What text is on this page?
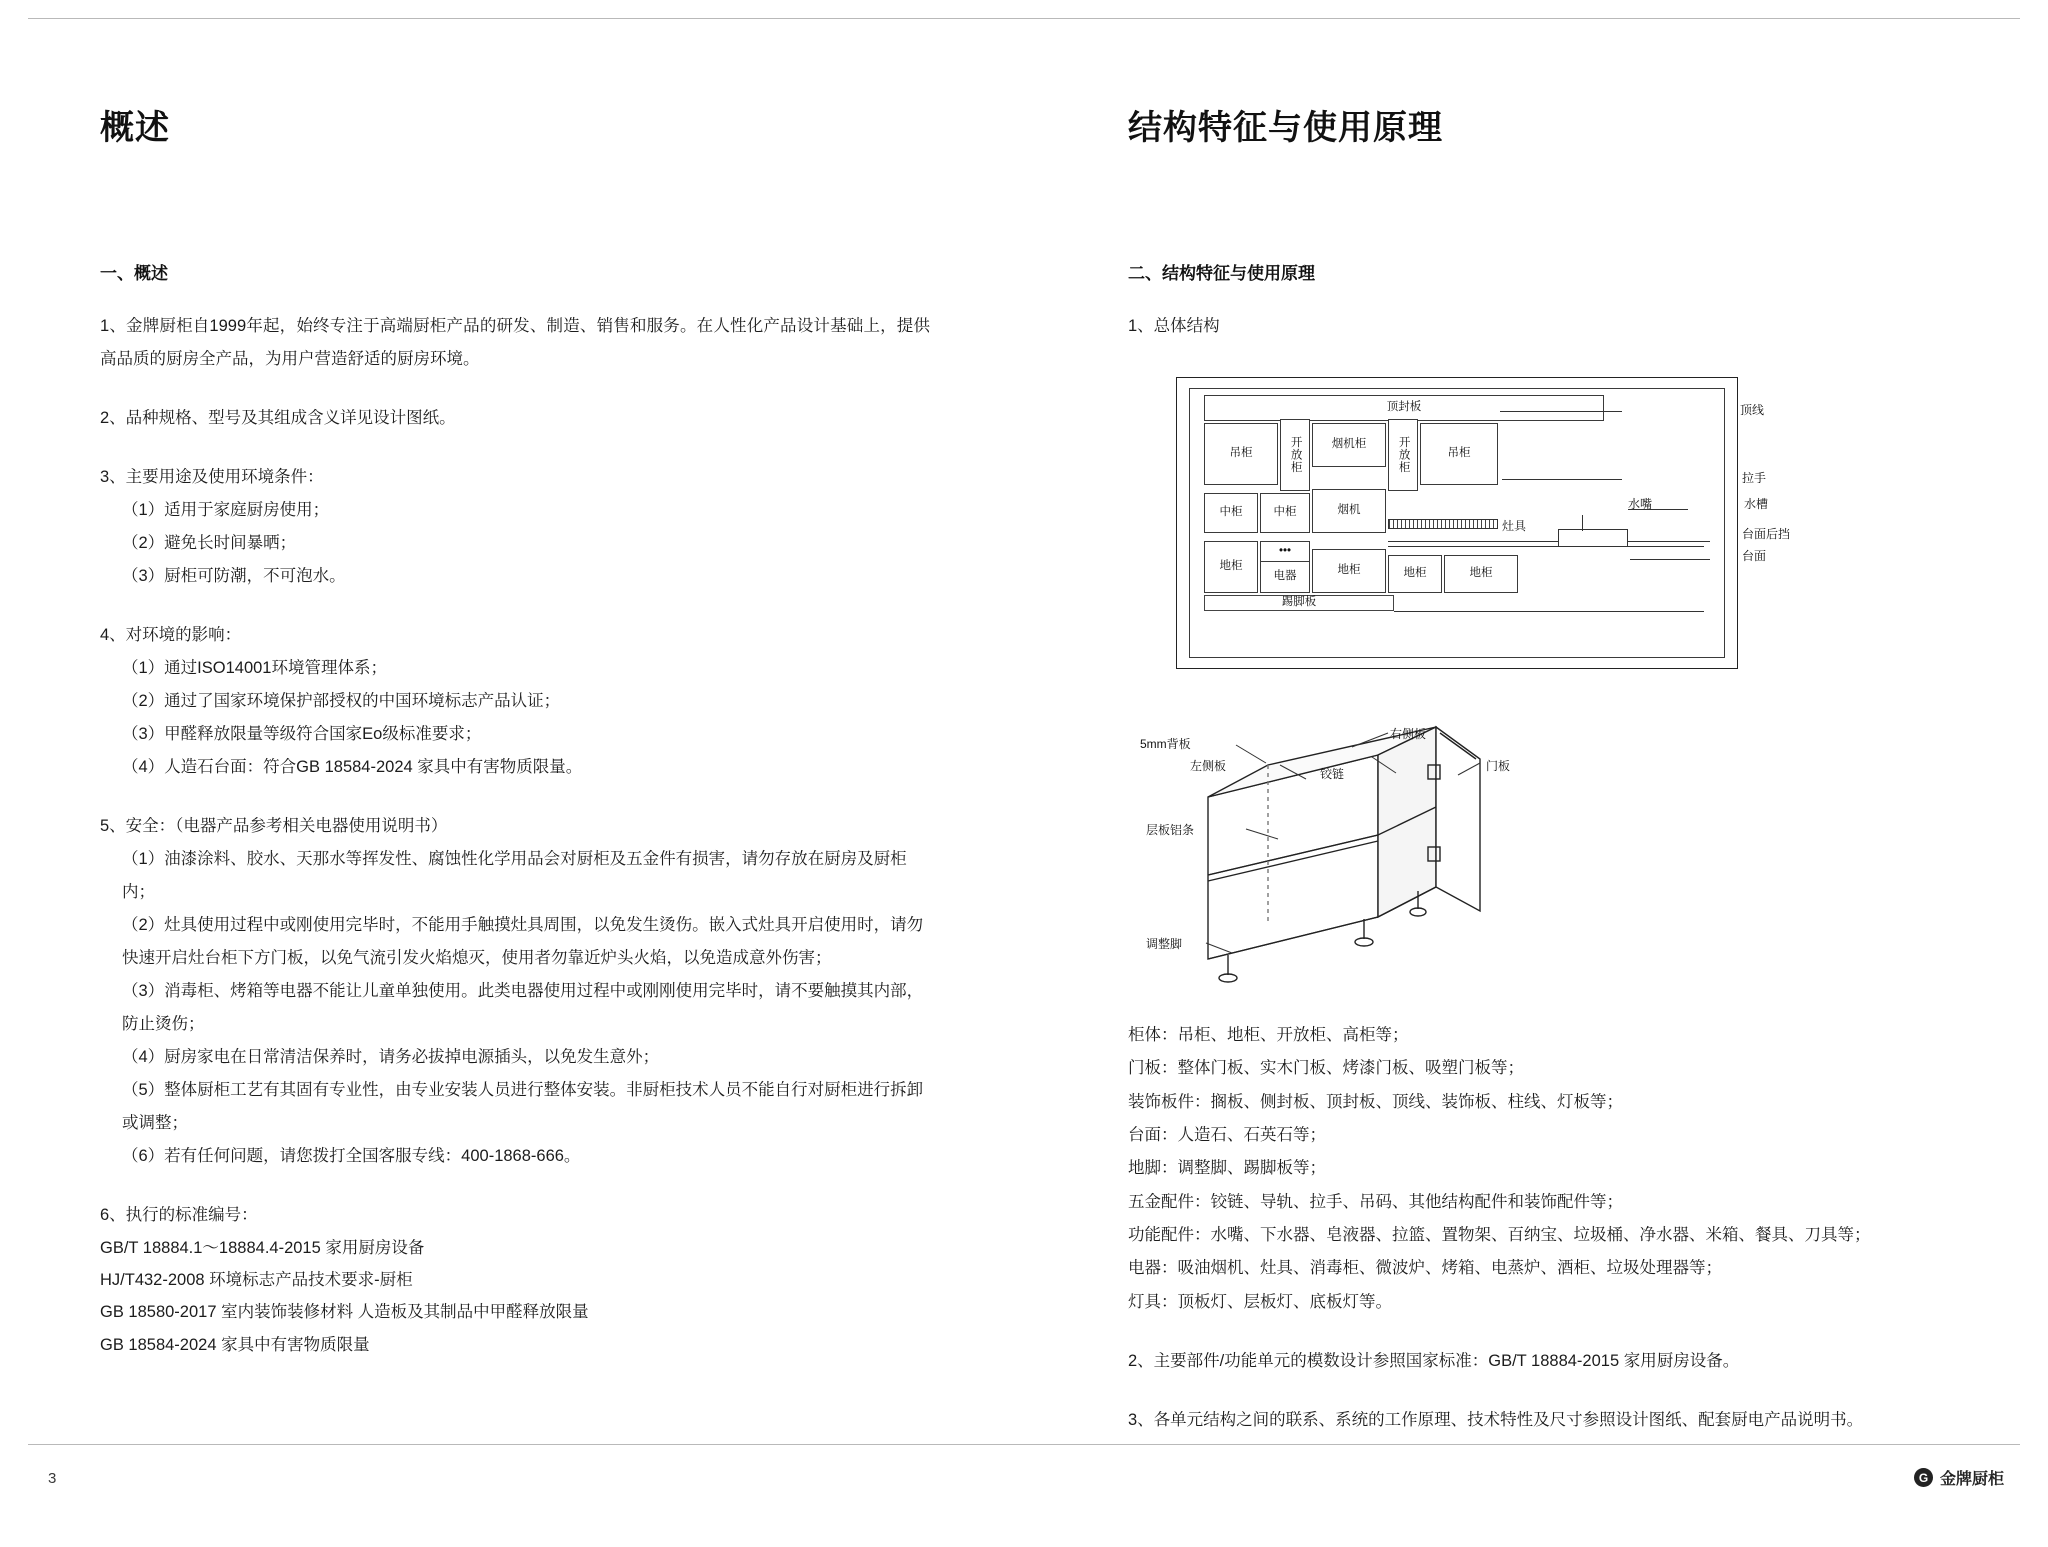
概述
一、概述

1、金牌厨柜自1999年起，始终专注于高端厨柜产品的研发、制造、销售和服务。在人性化产品设计基础上，提供高品质的厨房全产品，为用户营造舒适的厨房环境。

2、品种规格、型号及其组成含义详见设计图纸。

3、主要用途及使用环境条件：

（1）适用于家庭厨房使用；

（2）避免长时间暴晒；

（3）厨柜可防潮，不可泡水。

4、对环境的影响：

（1）通过ISO14001环境管理体系；

（2）通过了国家环境保护部授权的中国环境标志产品认证；

（3）甲醛释放限量等级符合国家Eo级标准要求；

（4）人造石台面：符合GB 18584-2024 家具中有害物质限量。

5、安全：（电器产品参考相关电器使用说明书）

（1）油漆涂料、胶水、天那水等挥发性、腐蚀性化学用品会对厨柜及五金件有损害，请勿存放在厨房及厨柜内；

（2）灶具使用过程中或刚使用完毕时，不能用手触摸灶具周围，以免发生烫伤。嵌入式灶具开启使用时，请勿快速开启灶台柜下方门板，以免气流引发火焰熄灭，使用者勿靠近炉头火焰，以免造成意外伤害；

（3）消毒柜、烤箱等电器不能让儿童单独使用。此类电器使用过程中或刚刚使用完毕时，请不要触摸其内部，防止烫伤；

（4）厨房家电在日常清洁保养时，请务必拔掉电源插头，以免发生意外；

（5）整体厨柜工艺有其固有专业性，由专业安装人员进行整体安装。非厨柜技术人员不能自行对厨柜进行拆卸或调整；

（6）若有任何问题，请您拨打全国客服专线：400-1868-666。

6、执行的标准编号：

GB/T 18884.1～18884.4-2015 家用厨房设备

HJ/T432-2008 环境标志产品技术要求-厨柜

GB 18580-2017 室内装饰装修材料 人造板及其制品中甲醛释放限量

GB 18584-2024 家具中有害物质限量

结构特征与使用原理
二、结构特征与使用原理

1、总体结构

顶封板
吊柜	开放柜	烟机柜	开放柜	吊柜
中柜	中柜	烟机
灶具
地柜
•••
电器	地柜	地柜	地柜
踢脚板
顶线
拉手
水槽
台面后挡
台面
水嘴
5mm背板
左侧板
右侧板
铰链
门板
层板铝条
调整脚

柜体：吊柜、地柜、开放柜、高柜等；

门板：整体门板、实木门板、烤漆门板、吸塑门板等；

装饰板件：搁板、侧封板、顶封板、顶线、装饰板、柱线、灯板等；

台面：人造石、石英石等；

地脚：调整脚、踢脚板等；

五金配件：铰链、导轨、拉手、吊码、其他结构配件和装饰配件等；

功能配件：水嘴、下水器、皂液器、拉篮、置物架、百纳宝、垃圾桶、净水器、米箱、餐具、刀具等；

电器：吸油烟机、灶具、消毒柜、微波炉、烤箱、电蒸炉、酒柜、垃圾处理器等；

灯具：顶板灯、层板灯、底板灯等。

2、主要部件/功能单元的模数设计参照国家标准：GB/T 18884-2015 家用厨房设备。

3、各单元结构之间的联系、系统的工作原理、技术特性及尺寸参照设计图纸、配套厨电产品说明书。

3	G 金牌厨柜
